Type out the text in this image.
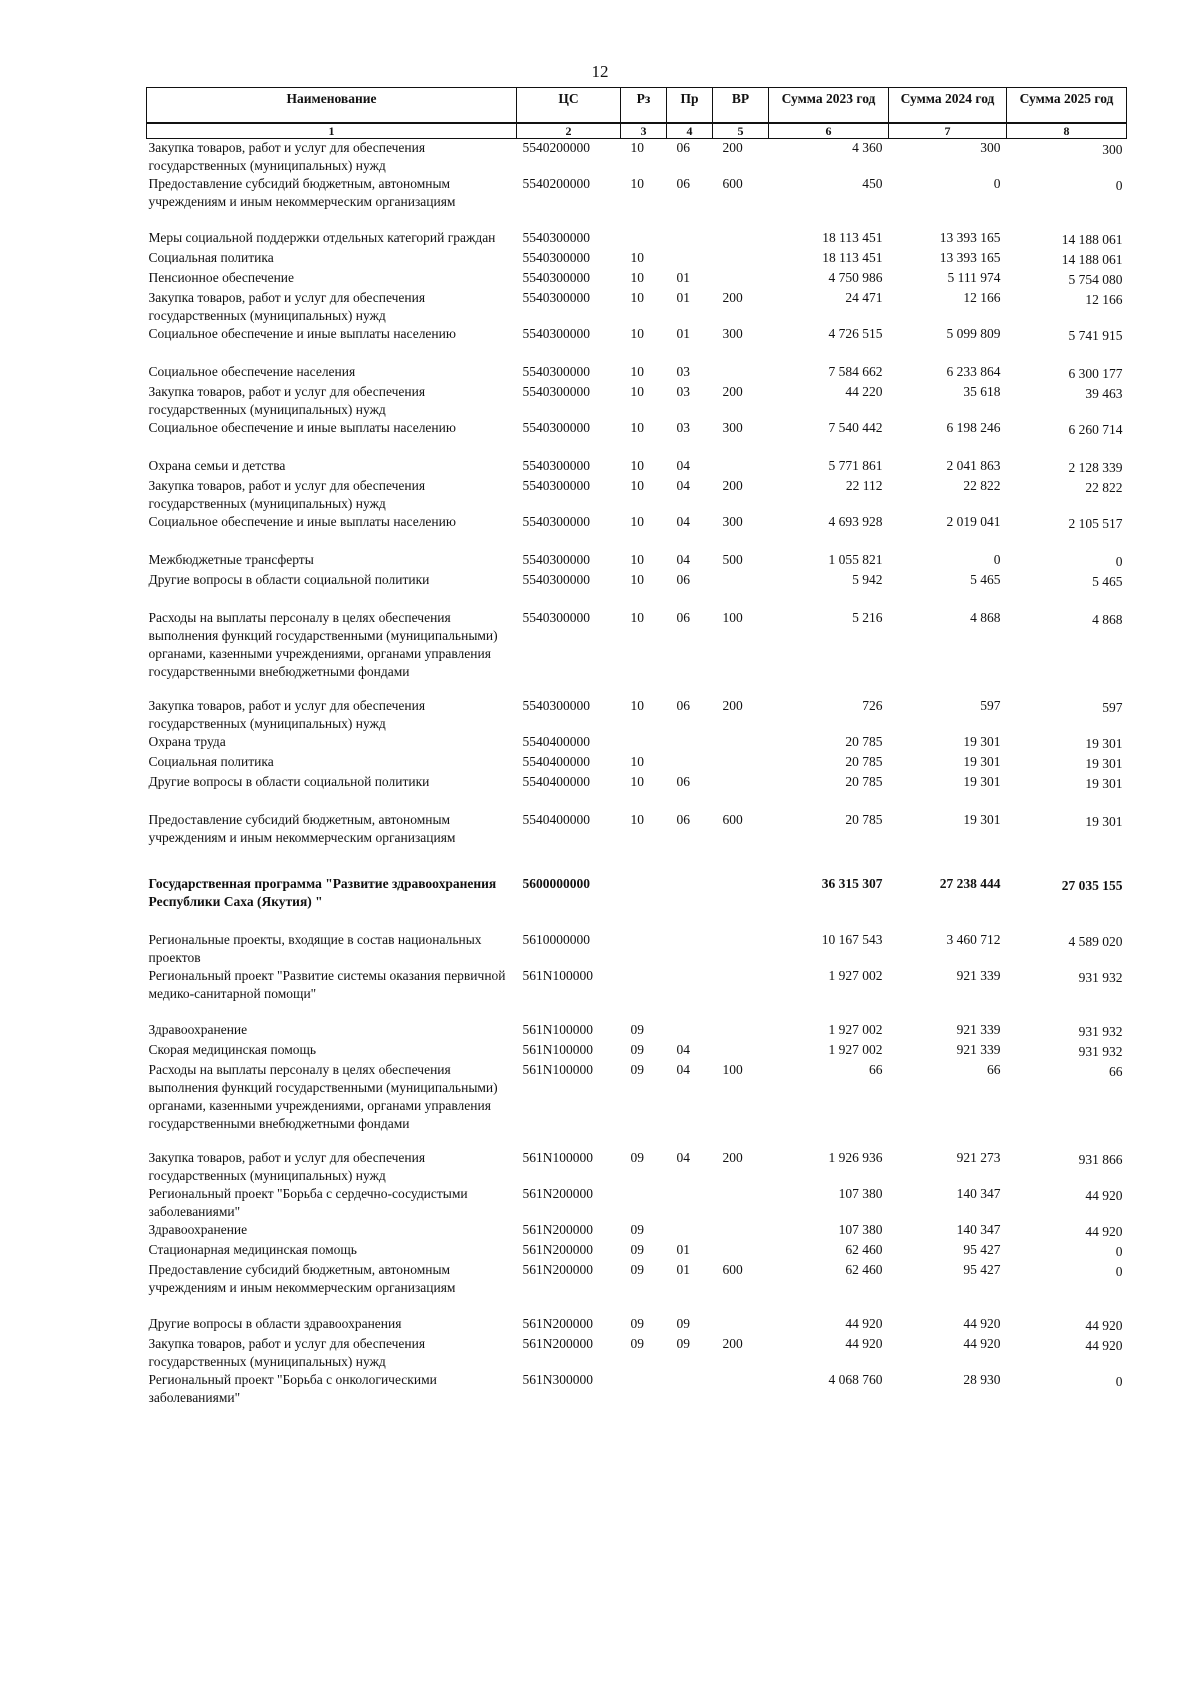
12
Наименование	ЦС	Рз	Пр	ВР	Сумма 2023 год	Сумма 2024 год	Сумма 2025 год
1	2	3	4	5	6	7	8
Закупка товаров, работ и услуг для обеспечения государственных (муниципальных) нужд	5540200000	10	06	200	4 360	300	300
Предоставление субсидий бюджетным, автономным учреждениям и иным некоммерческим организациям	5540200000	10	06	600	450	0	0
Меры социальной поддержки отдельных категорий граждан	5540300000				18 113 451	13 393 165	14 188 061
Социальная политика	5540300000	10			18 113 451	13 393 165	14 188 061
Пенсионное обеспечение	5540300000	10	01		4 750 986	5 111 974	5 754 080
Закупка товаров, работ и услуг для обеспечения государственных (муниципальных) нужд	5540300000	10	01	200	24 471	12 166	12 166
Социальное обеспечение и иные выплаты населению	5540300000	10	01	300	4 726 515	5 099 809	5 741 915
Социальное обеспечение населения	5540300000	10	03		7 584 662	6 233 864	6 300 177
Закупка товаров, работ и услуг для обеспечения государственных (муниципальных) нужд	5540300000	10	03	200	44 220	35 618	39 463
Социальное обеспечение и иные выплаты населению	5540300000	10	03	300	7 540 442	6 198 246	6 260 714
Охрана семьи и детства	5540300000	10	04		5 771 861	2 041 863	2 128 339
Закупка товаров, работ и услуг для обеспечения государственных (муниципальных) нужд	5540300000	10	04	200	22 112	22 822	22 822
Социальное обеспечение и иные выплаты населению	5540300000	10	04	300	4 693 928	2 019 041	2 105 517
Межбюджетные трансферты	5540300000	10	04	500	1 055 821	0	0
Другие вопросы в области социальной политики	5540300000	10	06		5 942	5 465	5 465
Расходы на выплаты персоналу в целях обеспечения выполнения функций государственными (муниципальными) органами, казенными учреждениями, органами управления государственными внебюджетными фондами	5540300000	10	06	100	5 216	4 868	4 868
Закупка товаров, работ и услуг для обеспечения государственных (муниципальных) нужд	5540300000	10	06	200	726	597	597
Охрана труда	5540400000				20 785	19 301	19 301
Социальная политика	5540400000	10			20 785	19 301	19 301
Другие вопросы в области социальной политики	5540400000	10	06		20 785	19 301	19 301
Предоставление субсидий бюджетным, автономным учреждениям и иным некоммерческим организациям	5540400000	10	06	600	20 785	19 301	19 301
Государственная программа "Развитие здравоохранения Республики Саха (Якутия) "	5600000000				36 315 307	27 238 444	27 035 155
Региональные проекты, входящие в состав национальных проектов	5610000000				10 167 543	3 460 712	4 589 020
Региональный проект "Развитие системы оказания первичной медико-санитарной помощи"	561N100000				1 927 002	921 339	931 932
Здравоохранение	561N100000	09			1 927 002	921 339	931 932
Скорая медицинская помощь	561N100000	09	04		1 927 002	921 339	931 932
Расходы на выплаты персоналу в целях обеспечения выполнения функций государственными (муниципальными) органами, казенными учреждениями, органами управления государственными внебюджетными фондами	561N100000	09	04	100	66	66	66
Закупка товаров, работ и услуг для обеспечения государственных (муниципальных) нужд	561N100000	09	04	200	1 926 936	921 273	931 866
Региональный проект "Борьба с сердечно-сосудистыми заболеваниями"	561N200000				107 380	140 347	44 920
Здравоохранение	561N200000	09			107 380	140 347	44 920
Стационарная медицинская помощь	561N200000	09	01		62 460	95 427	0
Предоставление субсидий бюджетным, автономным учреждениям и иным некоммерческим организациям	561N200000	09	01	600	62 460	95 427	0
Другие вопросы в области здравоохранения	561N200000	09	09		44 920	44 920	44 920
Закупка товаров, работ и услуг для обеспечения государственных (муниципальных) нужд	561N200000	09	09	200	44 920	44 920	44 920
Региональный проект "Борьба с онкологическими заболеваниями"	561N300000				4 068 760	28 930	0
